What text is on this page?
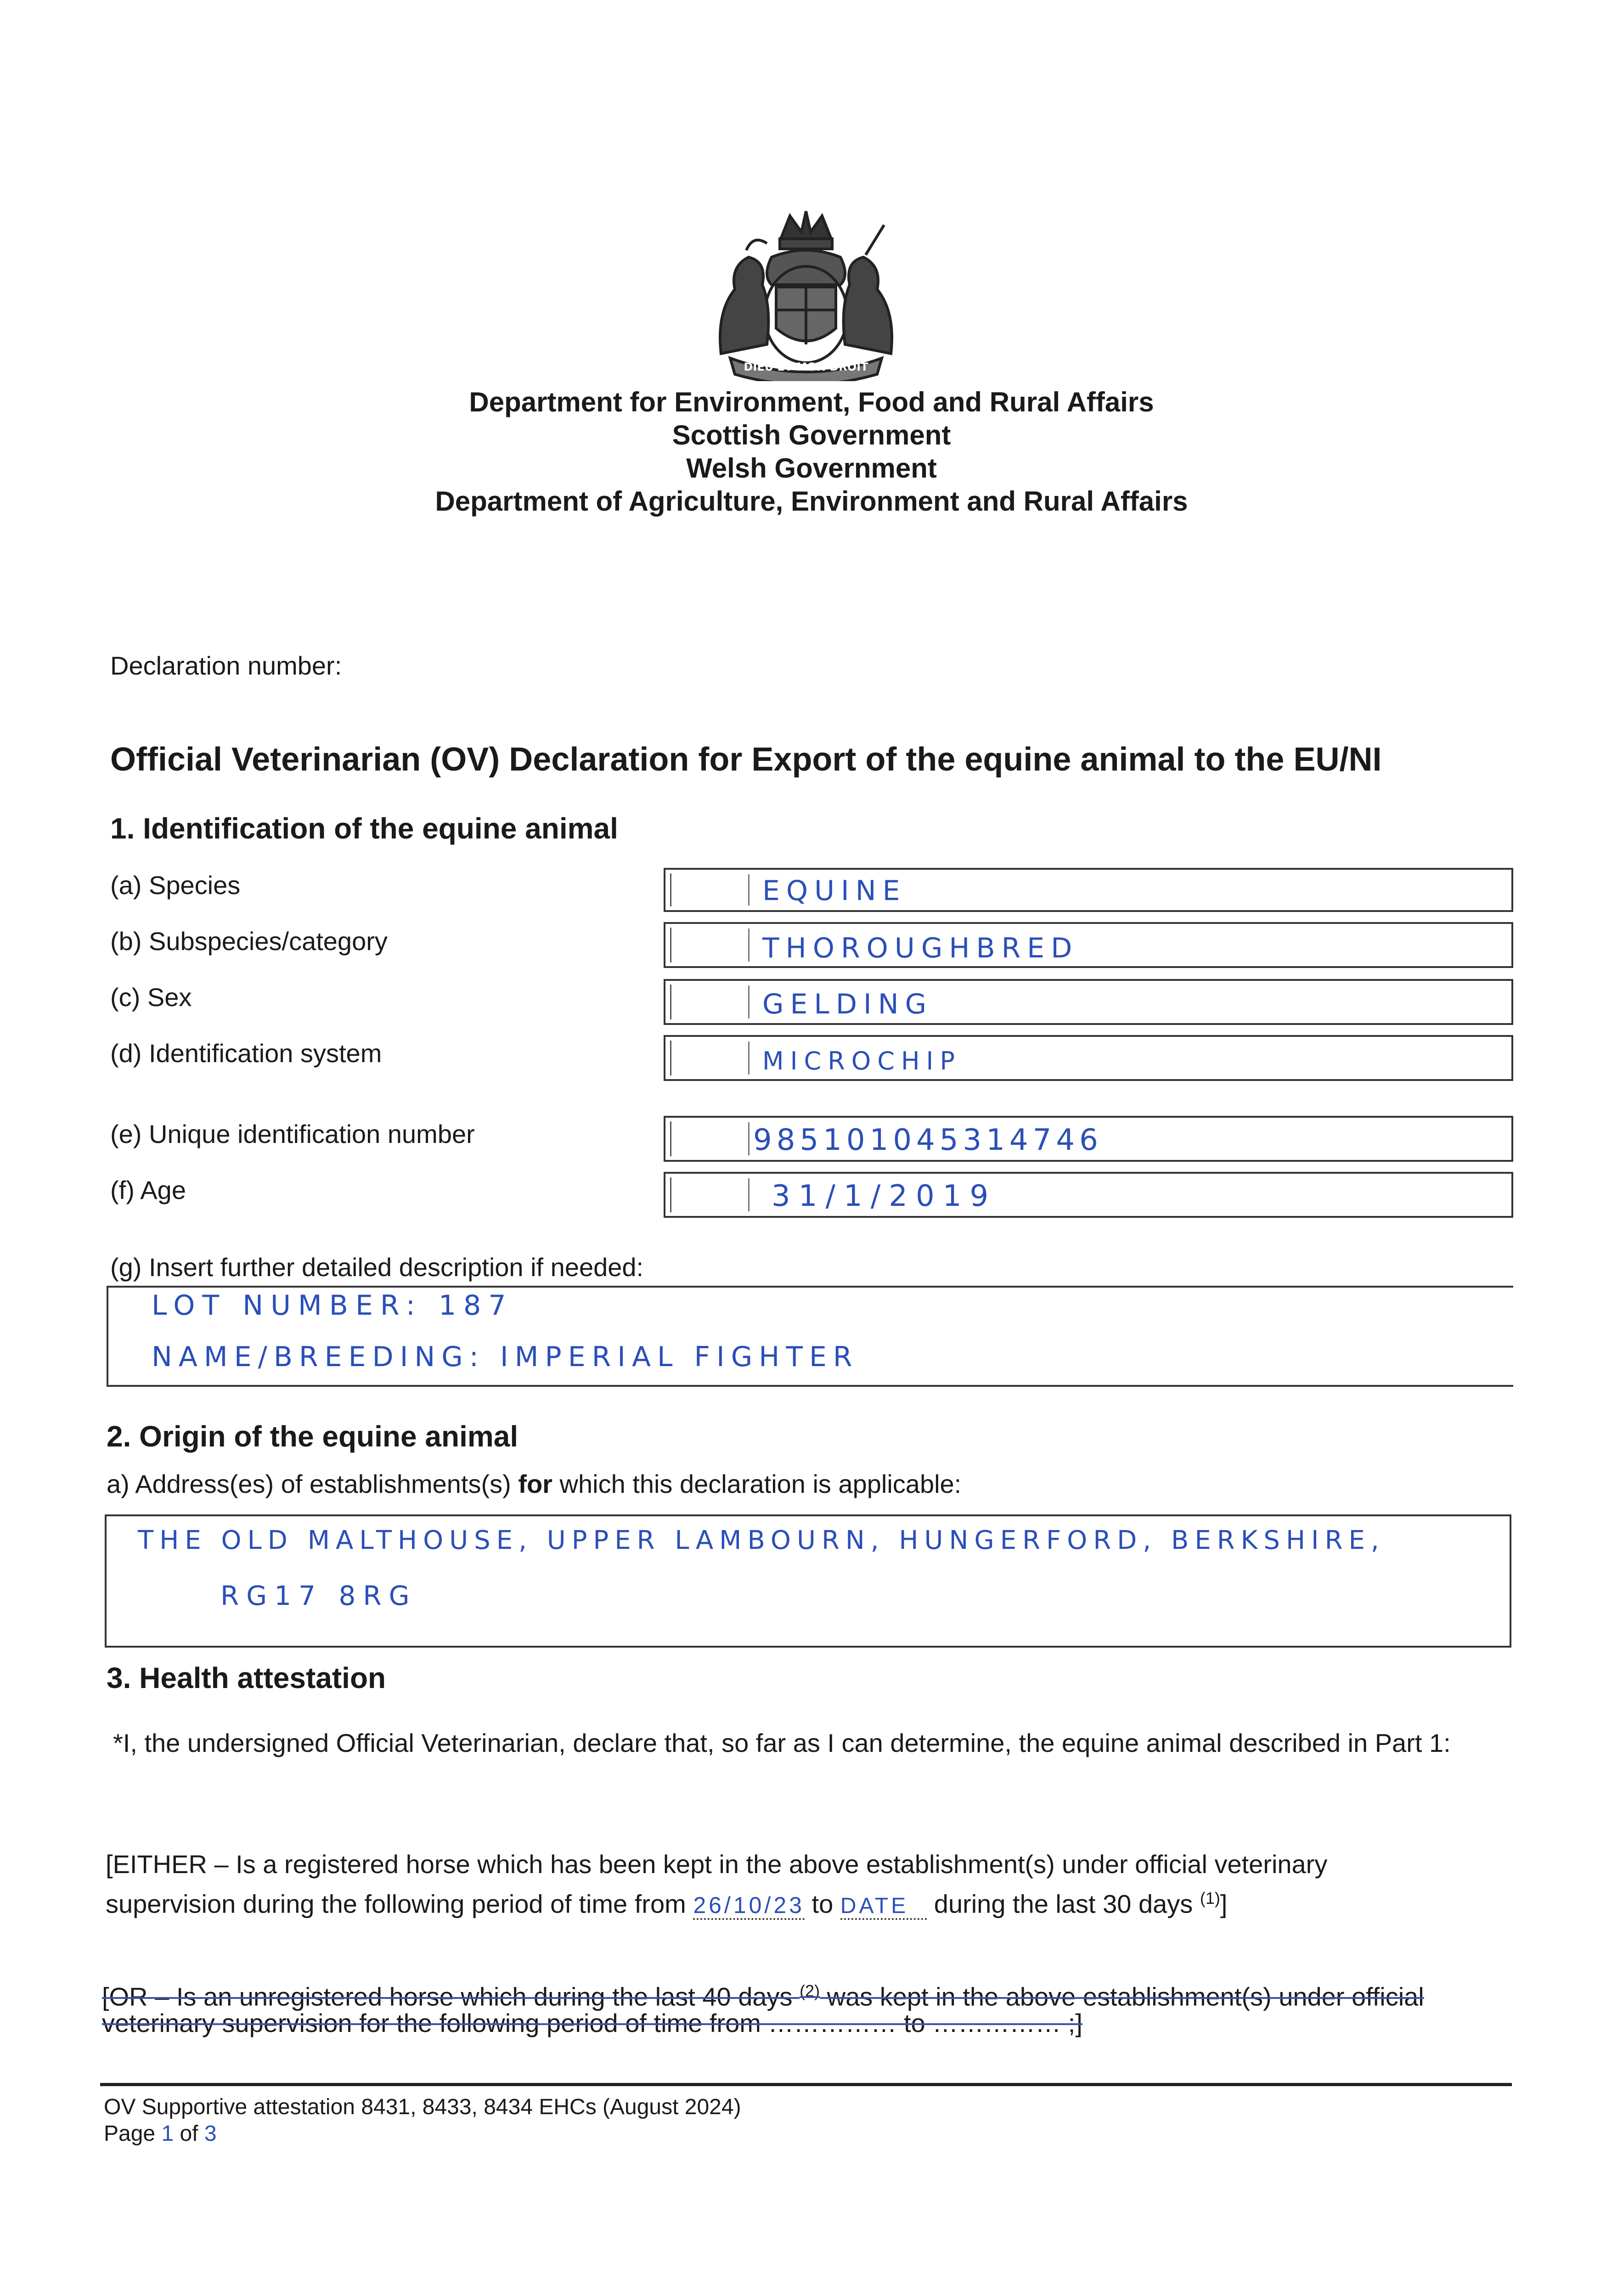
DIEU ET MON DROIT
Department for Environment, Food and Rural Affairs
Scottish Government
Welsh Government
Department of Agriculture, Environment and Rural Affairs
Declaration number:
Official Veterinarian (OV) Declaration for Export of the equine animal to the EU/NI
1. Identification of the equine animal
(a) Species	EQUINE
(b) Subspecies/category	THOROUGHBRED
(c) Sex	GELDING
(d) Identification system	MICROCHIP
(e) Unique identification number	985101045314746
(f) Age	31/1/2019
(g) Insert further detailed description if needed:
LOT NUMBER: 187
NAME/BREEDING: IMPERIAL FIGHTER
2. Origin of the equine animal
a) Address(es) of establishments(s) for which this declaration is applicable:
THE OLD MALTHOUSE, UPPER LAMBOURN, HUNGERFORD, BERKSHIRE,
RG17 8RG
3. Health attestation
*I, the undersigned Official Veterinarian, declare that, so far as I can determine, the equine animal described in Part 1:
[EITHER – Is a registered horse which has been kept in the above establishment(s) under official veterinary
supervision during the following period of time from 26/10/23 to DATE during the last 30 days $^{(1)}$]
[OR – Is an unregistered horse which during the last 40 days $^{(2)}$ was kept in the above establishment(s) under official
veterinary supervision for the following period of time from …………… to …………… ;]
OV Supportive attestation 8431, 8433, 8434 EHCs (August 2024)
Page 1 of 3
